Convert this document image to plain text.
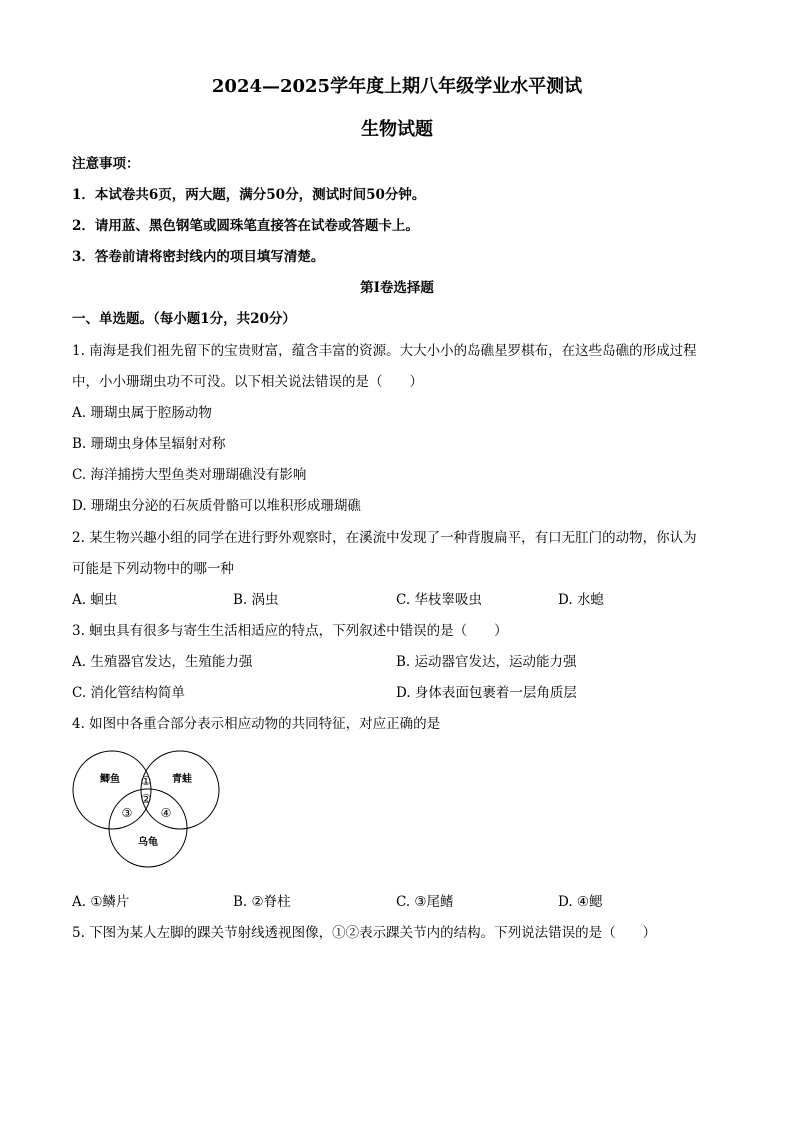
2024—2025学年度上期八年级学业水平测试
生物试题
注意事项：
1．本试卷共6页，两大题，满分50分，测试时间50分钟。
2．请用蓝、黑色钢笔或圆珠笔直接答在试卷或答题卡上。
3．答卷前请将密封线内的项目填写清楚。
第Ⅰ卷选择题
一、单选题。（每小题1分，共20分）
1. 南海是我们祖先留下的宝贵财富，蕴含丰富的资源。大大小小的岛礁星罗棋布，在这些岛礁的形成过程
中，小小珊瑚虫功不可没。以下相关说法错误的是（　　）
A. 珊瑚虫属于腔肠动物
B. 珊瑚虫身体呈辐射对称
C. 海洋捕捞大型鱼类对珊瑚礁没有影响
D. 珊瑚虫分泌的石灰质骨骼可以堆积形成珊瑚礁
2. 某生物兴趣小组的同学在进行野外观察时，在溪流中发现了一种背腹扁平，有口无肛门的动物，你认为
可能是下列动物中的哪一种
A. 蛔虫	B. 涡虫	C. 华枝睾吸虫	D. 水螅
3. 蛔虫具有很多与寄生生活相适应的特点，下列叙述中错误的是（　　）
A. 生殖器官发达，生殖能力强	B. 运动器官发达，运动能力强
C. 消化管结构简单	D. 身体表面包裹着一层角质层
4. 如图中各重合部分表示相应动物的共同特征，对应正确的是
鲫鱼	青蛙
乌龟
①
②
③ ④
A. ①鳞片	B. ②脊柱	C. ③尾鳍	D. ④鳃
5. 下图为某人左脚的踝关节射线透视图像，①②表示踝关节内的结构。下列说法错误的是（　　）
